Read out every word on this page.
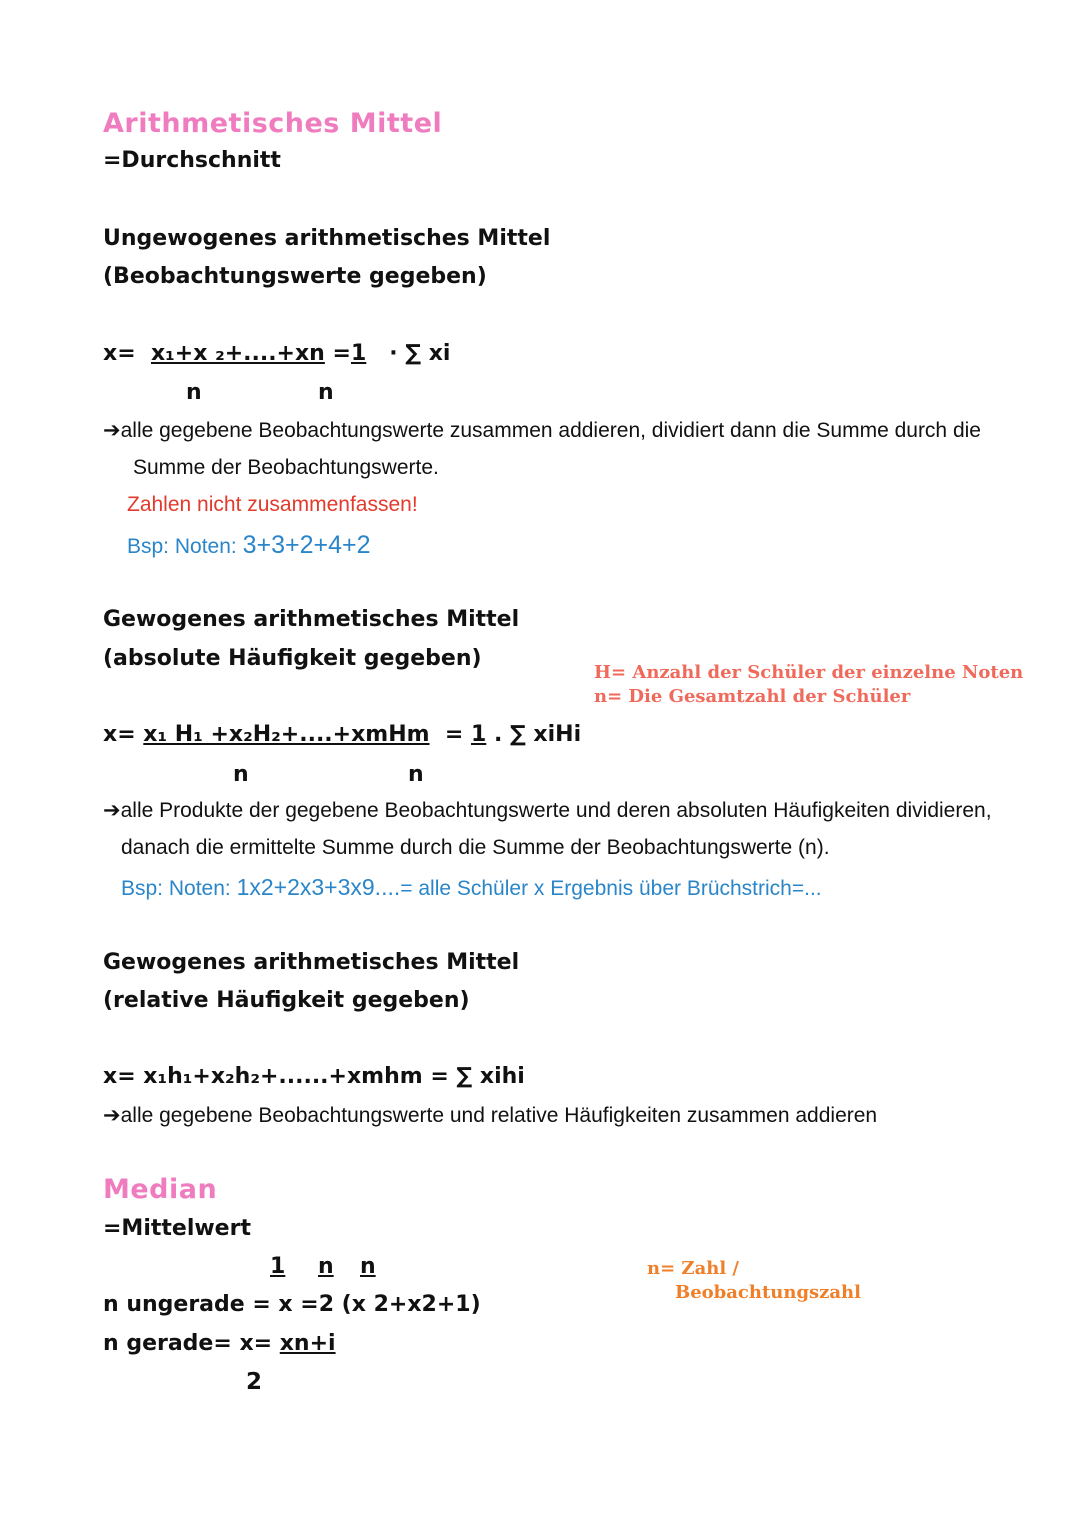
Arithmetisches Mittel
=Durchschnitt
Ungewogenes arithmetisches Mittel
(Beobachtungswerte gegeben)
x= x₁+x ₂+....+xn =1 · ∑ xi
n	n
➔alle gegebene Beobachtungswerte zusammen addieren, dividiert dann die Summe durch die
Summe der Beobachtungswerte.
Zahlen nicht zusammenfassen!
Bsp: Noten: 3+3+2+4+2
Gewogenes arithmetisches Mittel
(absolute Häufigkeit gegeben)
H= Anzahl der Schüler der einzelne Noten
n= Die Gesamtzahl der Schüler
x= x₁ H₁ +x₂H₂+....+xmHm = 1 . ∑ xiHi
n	n
➔alle Produkte der gegebene Beobachtungswerte und deren absoluten Häufigkeiten dividieren,
danach die ermittelte Summe durch die Summe der Beobachtungswerte (n).
Bsp: Noten: 1x2+2x3+3x9....= alle Schüler x Ergebnis über Brüchstrich=...
Gewogenes arithmetisches Mittel
(relative Häufigkeit gegeben)
x= x₁h₁+x₂h₂+......+xmhm = ∑ xihi
➔alle gegebene Beobachtungswerte und relative Häufigkeiten zusammen addieren
Median
=Mittelwert
1 n n
n ungerade = x =2 (x 2+x2+1)
n gerade= x= xn+i
2
n= Zahl /
Beobachtungszahl
